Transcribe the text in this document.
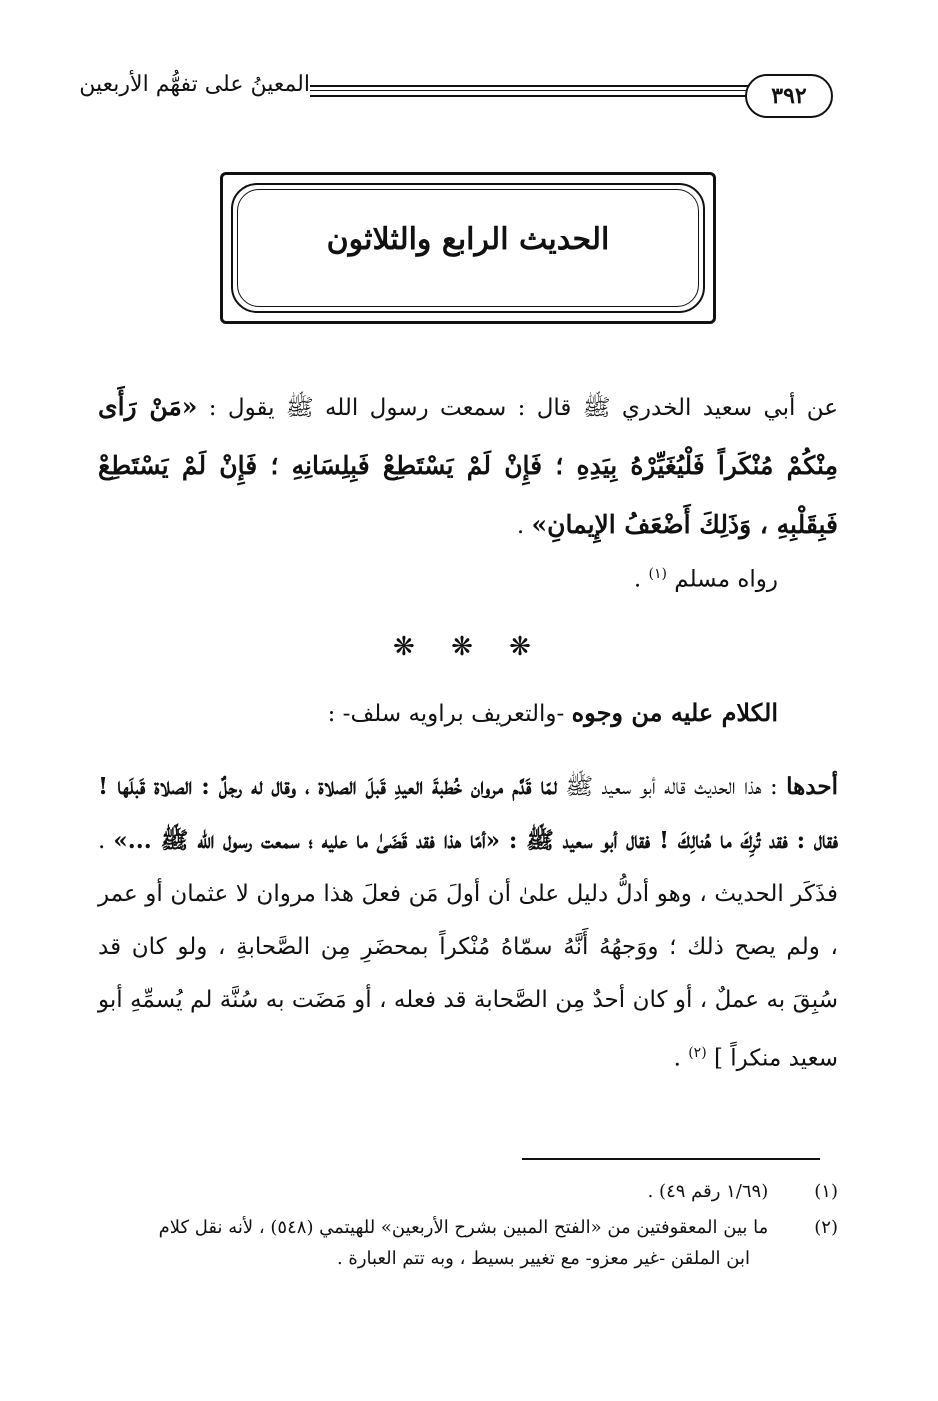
المعينُ على تفهُّم الأربعين	٣٩٢
الحديث الرابع والثلاثون
عن أبي سعيد الخدري ﷺ قال : سمعت رسول الله ﷺ يقول : «مَنْ رَأَى مِنْكُمْ مُنْكَراً فَلْيُغَيِّرْهُ بِيَدِهِ ؛ فَإِنْ لَمْ يَسْتَطِعْ فَبِلِسَانِهِ ؛ فَإِنْ لَمْ يَسْتَطِعْ فَبِقَلْبِهِ ، وَذَلِكَ أَضْعَفُ الإِيمانِ» .
رواه مسلم $^{(١)}$ .
❋ ❋ ❋
الكلام عليه من وجوه -والتعريف براويه سلف- :
أحدها : هذا الحديث قاله أبو سعيد ﷺ لمّا قَدَّم مروان خُطبةَ العيدِ قَبلَ الصلاة ، وقال له رجلٌ : الصلاة قَبلَها ! فقال : فقد تُرِكَ ما هُنالِكَ ! فقال أبو سعيد ﷺ : «أمّا هذا فقد قَضَىٰ ما عليه ؛ سمعت رسول الله ﷺ ...» . فذَكَر الحديث ، وهو أدلُّ دليل علىٰ أن أولَ مَن فعلَ هذا مروان لا عثمان أو عمر ، ولم يصح ذلك ؛ ووَجهُهُ أَنَّهُ سمّاهُ مُنْكراً بمحضَرِ مِن الصَّحابةِ ، ولو كان قد سُبِقَ به عملٌ ، أو كان أحدٌ مِن الصَّحابة قد فعله ، أو مَضَت به سُنَّة لم يُسمِّهِ أبو سعيد منكراً ] $^{(٢)}$ .
(١) (١/٦٩ رقم ٤٩) .
(٢) ما بين المعقوفتين من «الفتح المبين بشرح الأربعين» للهيتمي (٥٤٨) ، لأنه نقل كلام
ابن الملقن -غير معزو- مع تغيير بسيط ، وبه تتم العبارة .
